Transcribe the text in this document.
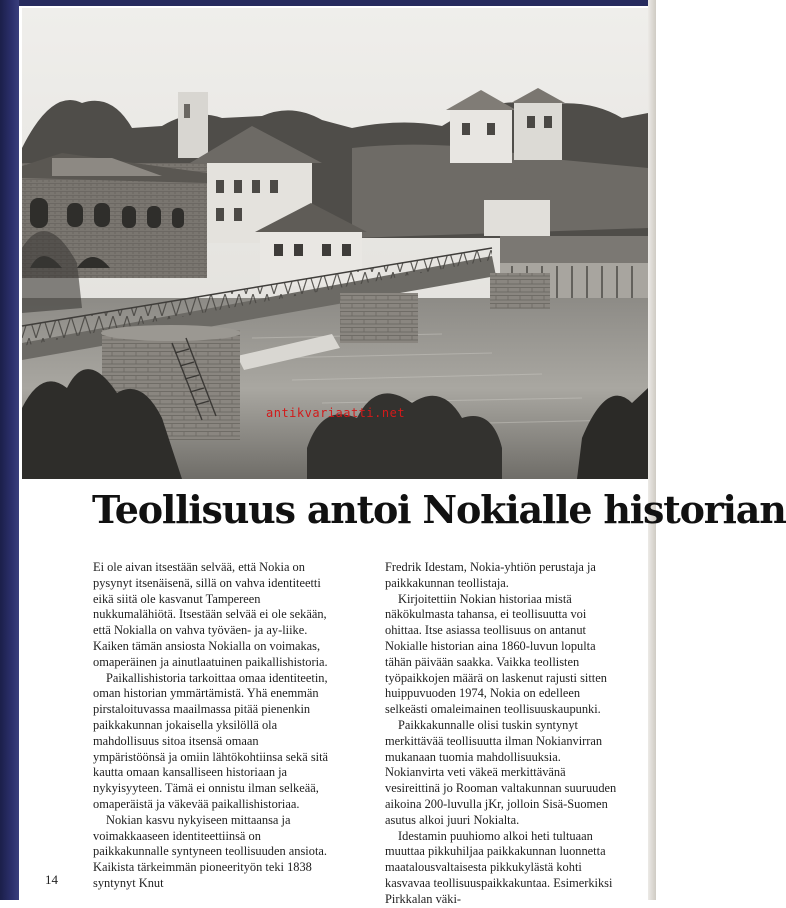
antikvariaatti.net
Teollisuus antoi Nokialle historian

Ei ole aivan itsestään selvää, että Nokia on pysynyt itsenäisenä, sillä on vahva identiteetti eikä siitä ole kasvanut Tampereen nukkumalähiötä. Itsestään selvää ei ole sekään, että Nokialla on vahva työväen- ja ay-liike. Kaiken tämän ansiosta Nokialla on voimakas, omaperäinen ja ainutlaatuinen paikallishistoria.

Paikallishistoria tarkoittaa omaa identiteetin, oman historian ymmärtämistä. Yhä enemmän pirstaloituvassa maailmassa pitää pienenkin paikkakunnan jokaisella yksilöllä ola mahdollisuus sitoa itsensä omaan ympäristöönsä ja omiin lähtökohtiinsa sekä sitä kautta omaan kansalliseen historiaan ja nykyisyyteen. Tämä ei onnistu ilman selkeää, omaperäistä ja väkevää paikallishistoriaa.

Nokian kasvu nykyiseen mittaansa ja voimakkaaseen identiteettiinsä on paikkakunnalle syntyneen teollisuuden ansiota. Kaikista tärkeimmän pioneerityön teki 1838 syntynyt Knut

Fredrik Idestam, Nokia-yhtiön perustaja ja paikkakunnan teollistaja.

Kirjoitettiin Nokian historiaa mistä näkökulmasta tahansa, ei teollisuutta voi ohittaa. Itse asiassa teollisuus on antanut Nokialle historian aina 1860-luvun lopulta tähän päivään saakka. Vaikka teollisten työpaikkojen määrä on laskenut rajusti sitten huippuvuoden 1974, Nokia on edelleen selkeästi omaleimainen teollisuuskaupunki.

Paikkakunnalle olisi tuskin syntynyt merkittävää teollisuutta ilman Nokianvirran mukanaan tuomia mahdollisuuksia. Nokianvirta veti väkeä merkittävänä vesireittinä jo Rooman valtakunnan suuruuden aikoina 200-luvulla jKr, jolloin Sisä-Suomen asutus alkoi juuri Nokialta.

Idestamin puuhiomo alkoi heti tultuaan muuttaa pikkuhiljaa paikkakunnan luonnetta maatalousvaltaisesta pikkukylästä kohti kasvavaa teollisuuspaikkakuntaa. Esimerkiksi Pirkkalan väki-

14
